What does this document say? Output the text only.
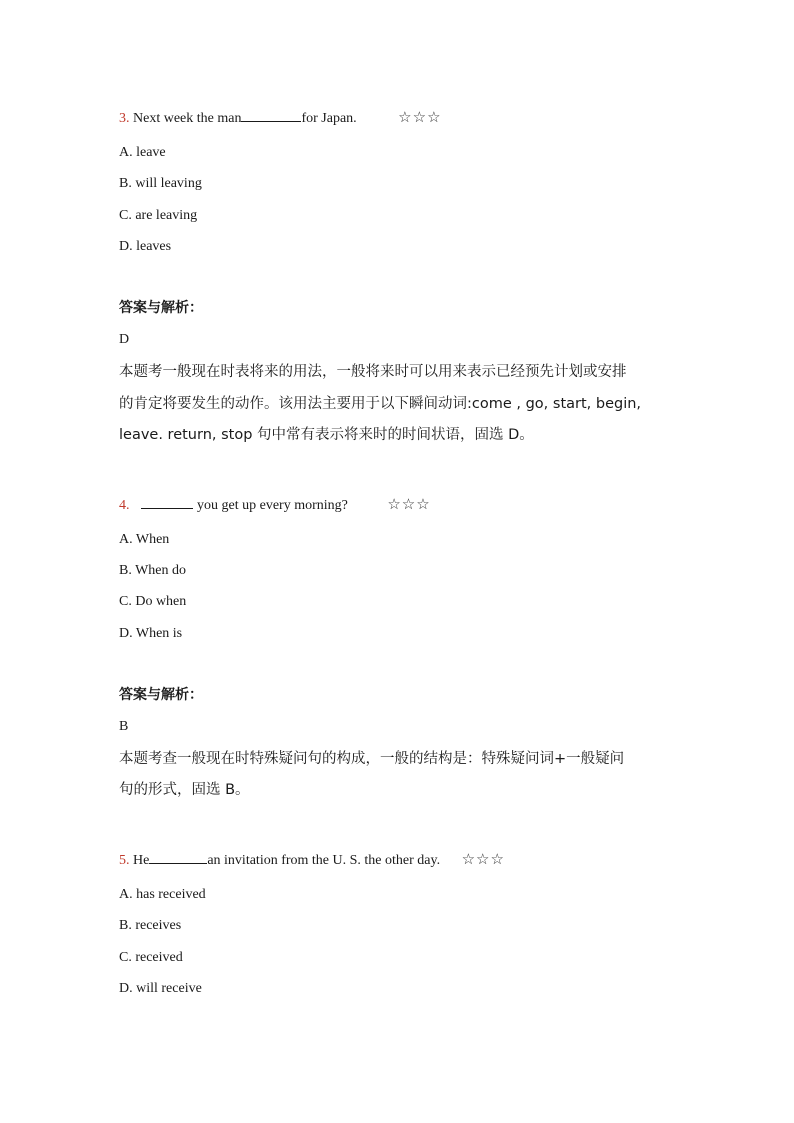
3. Next week the man	for Japan.	☆☆☆
A. leave
B. will leaving
C. are leaving
D. leaves
答案与解析：
D
本题考一般现在时表将来的用法，一般将来时可以用来表示已经预先计划或安排
的肯定将要发生的动作。该用法主要用于以下瞬间动词:come , go, start, begin,
leave. return, stop 句中常有表示将来时的时间状语，固选 D。
4.	you get up every morning?	☆☆☆
A. When
B. When do
C. Do when
D. When is
答案与解析：
B
本题考查一般现在时特殊疑问句的构成，一般的结构是：特殊疑问词+一般疑问
句的形式，固选 B。
5. He	an invitation from the U. S. the other day. ☆☆☆
A. has received
B. receives
C. received
D. will receive
